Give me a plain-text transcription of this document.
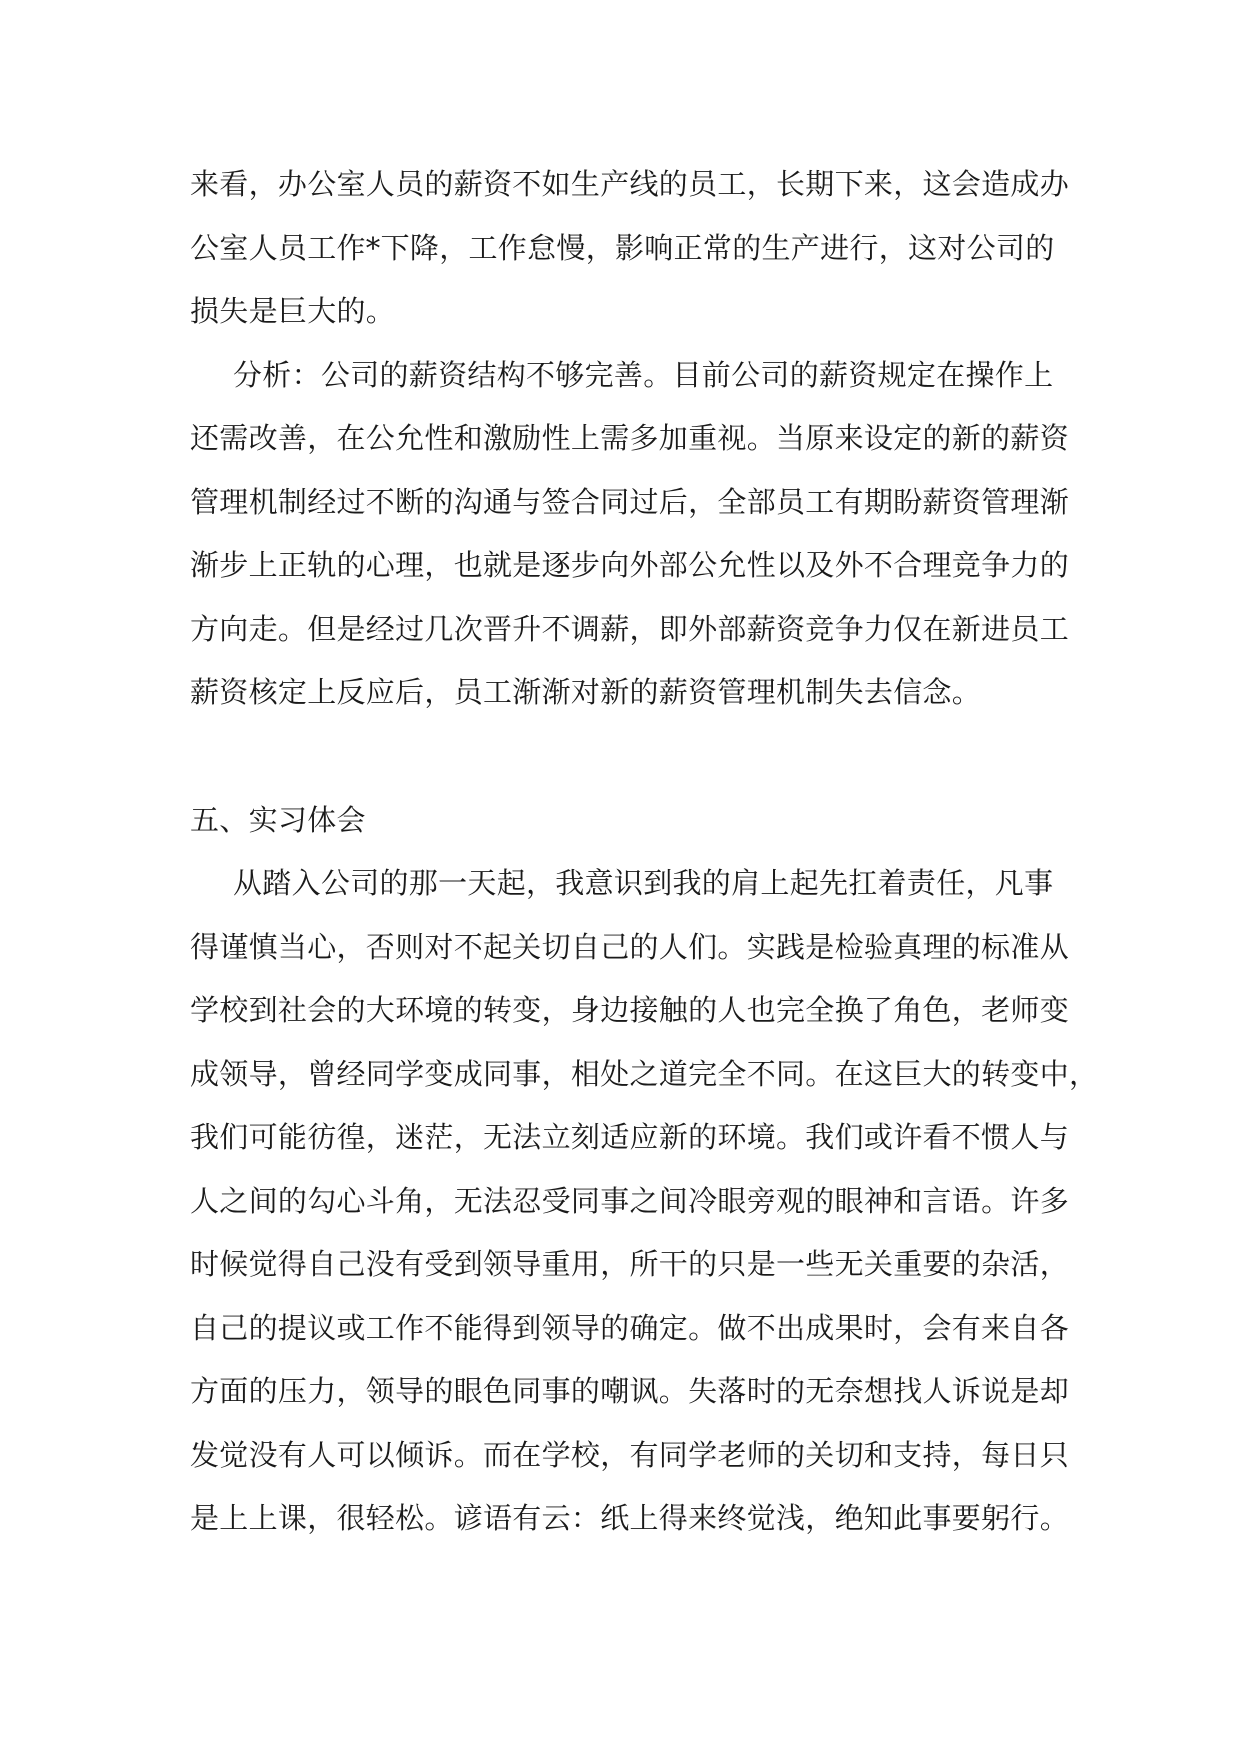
来看，办公室人员的薪资不如生产线的员工，长期下来，这会造成办
公室人员工作*下降，工作怠慢，影响正常的生产进行，这对公司的
损失是巨大的。
分析：公司的薪资结构不够完善。目前公司的薪资规定在操作上
还需改善，在公允性和激励性上需多加重视。当原来设定的新的薪资
管理机制经过不断的沟通与签合同过后，全部员工有期盼薪资管理渐
渐步上正轨的心理，也就是逐步向外部公允性以及外不合理竞争力的
方向走。但是经过几次晋升不调薪，即外部薪资竞争力仅在新进员工
薪资核定上反应后，员工渐渐对新的薪资管理机制失去信念。
五、实习体会
从踏入公司的那一天起，我意识到我的肩上起先扛着责任，凡事
得谨慎当心，否则对不起关切自己的人们。实践是检验真理的标准从
学校到社会的大环境的转变，身边接触的人也完全换了角色，老师变
成领导，曾经同学变成同事，相处之道完全不同。在这巨大的转变中，
我们可能彷徨，迷茫，无法立刻适应新的环境。我们或许看不惯人与
人之间的勾心斗角，无法忍受同事之间冷眼旁观的眼神和言语。许多
时候觉得自己没有受到领导重用，所干的只是一些无关重要的杂活，
自己的提议或工作不能得到领导的确定。做不出成果时，会有来自各
方面的压力，领导的眼色同事的嘲讽。失落时的无奈想找人诉说是却
发觉没有人可以倾诉。而在学校，有同学老师的关切和支持，每日只
是上上课，很轻松。谚语有云：纸上得来终觉浅，绝知此事要躬行。
